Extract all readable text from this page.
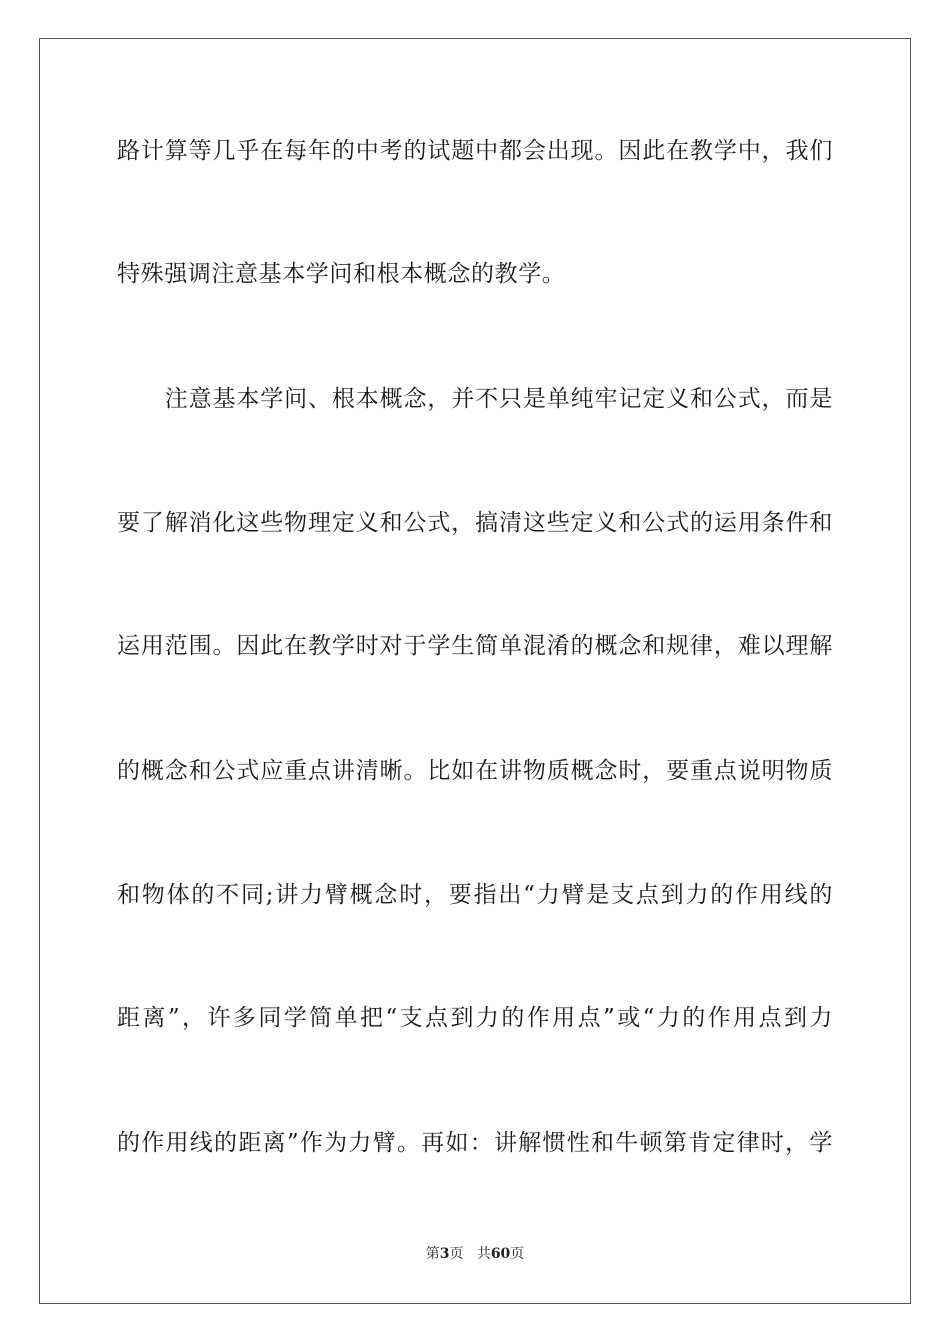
路计算等几乎在每年的中考的试题中都会出现。因此在教学中，我们
特殊强调注意基本学问和根本概念的教学。
　　注意基本学问、根本概念，并不只是单纯牢记定义和公式，而是
要了解消化这些物理定义和公式，搞清这些定义和公式的运用条件和
运用范围。因此在教学时对于学生简单混淆的概念和规律，难以理解
的概念和公式应重点讲清晰。比如在讲物质概念时，要重点说明物质
和物体的不同;讲力臂概念时，要指出“力臂是支点到力的作用线的
距离”，许多同学简单把“支点到力的作用点”或“力的作用点到力
的作用线的距离”作为力臂。再如：讲解惯性和牛顿第肯定律时，学
第3页 共60页
